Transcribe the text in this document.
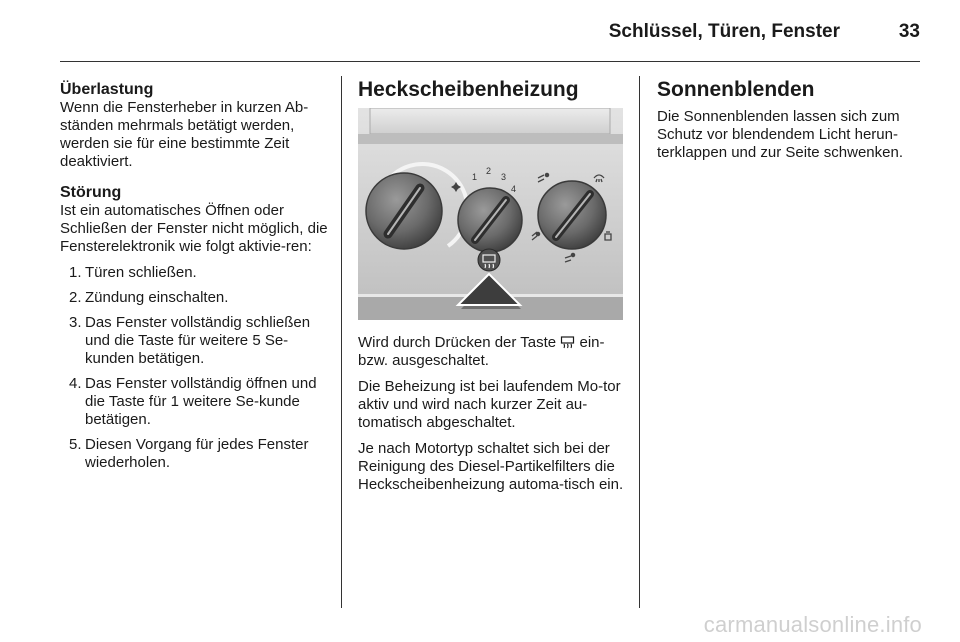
Schlüssel, Türen, Fenster	33
Überlastung

Wenn die Fensterheber in kurzen Ab-ständen mehrmals betätigt werden, werden sie für eine bestimmte Zeit deaktiviert.

Störung

Ist ein automatisches Öffnen oder Schließen der Fenster nicht möglich, die Fensterelektronik wie folgt aktivie-ren:

1. Türen schließen.
2. Zündung einschalten.
3. Das Fenster vollständig schließen und die Taste für weitere 5 Se-kunden betätigen.
4. Das Fenster vollständig öffnen und die Taste für 1 weitere Se-kunde betätigen.
5. Diesen Vorgang für jedes Fenster wiederholen.
Heckscheibenheizung
1
2
3
4

Wird durch Drücken der Taste ein-bzw. ausgeschaltet.

Die Beheizung ist bei laufendem Mo-tor aktiv und wird nach kurzer Zeit au-tomatisch abgeschaltet.

Je nach Motortyp schaltet sich bei der Reinigung des Diesel-Partikelfilters die Heckscheibenheizung automa-tisch ein.

Sonnenblenden

Die Sonnenblenden lassen sich zum Schutz vor blendendem Licht herun-terklappen und zur Seite schwenken.

carmanualsonline.info
